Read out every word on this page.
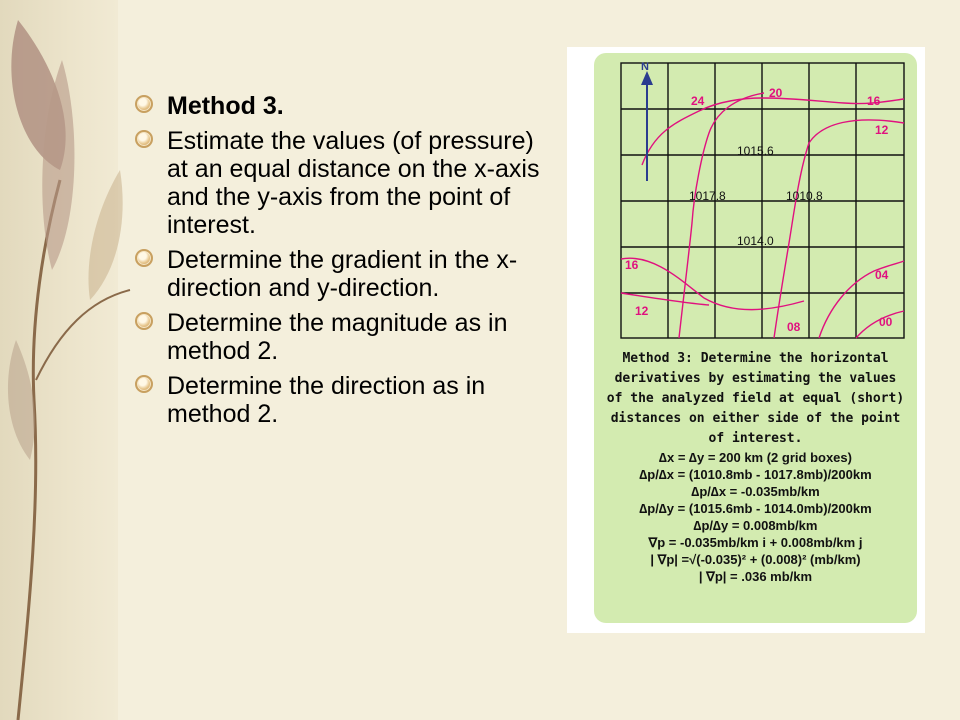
Method 3.
Estimate the values (of pressure) at an equal distance on the x-axis and the y-axis from the point of interest.
Determine the gradient in the x-direction and y-direction.
Determine the magnitude as in method 2.
Determine the direction as in method 2.
N
24
20
16
12
16
12
04
08	00
1015.6
1017.8	1010.8
1014.0
Method 3: Determine the horizontal
derivatives by estimating the values
of the analyzed field at equal (short)
distances on either side of the point
of interest.
∆x = ∆y = 200 km (2 grid boxes)
∆p/∆x = (1010.8mb - 1017.8mb)/200km
∆p/∆x = -0.035mb/km
∆p/∆y = (1015.6mb - 1014.0mb)/200km
∆p/∆y = 0.008mb/km
∇p = -0.035mb/km i + 0.008mb/km j
| ∇p| =√(-0.035)² + (0.008)² (mb/km)
| ∇p| = .036 mb/km
